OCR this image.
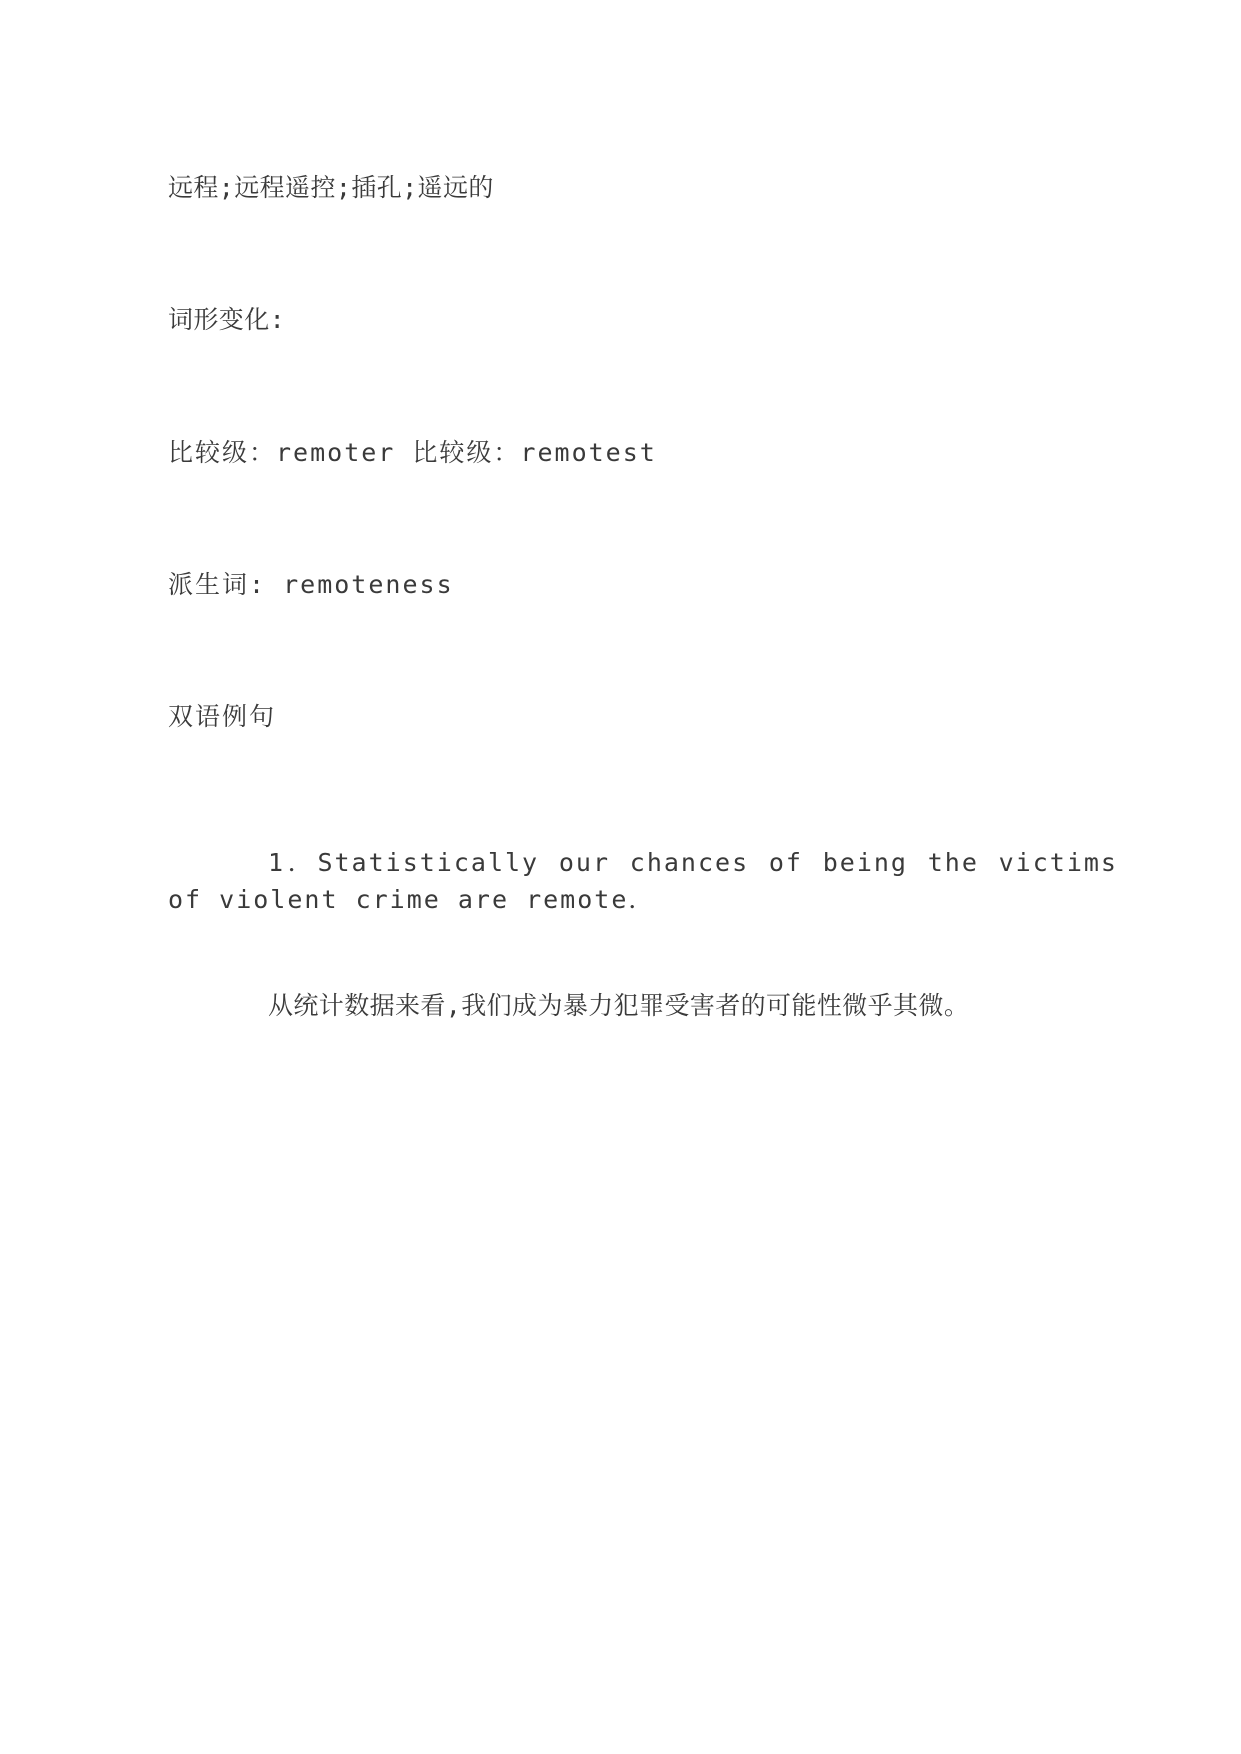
远程;远程遥控;插孔;遥远的

词形变化:

比较级：remoter 比较级：remotest

派生词: remoteness

双语例句

1．Statistically our chances of being the victims of violent crime are remote．

从统计数据来看,我们成为暴力犯罪受害者的可能性微乎其微。
